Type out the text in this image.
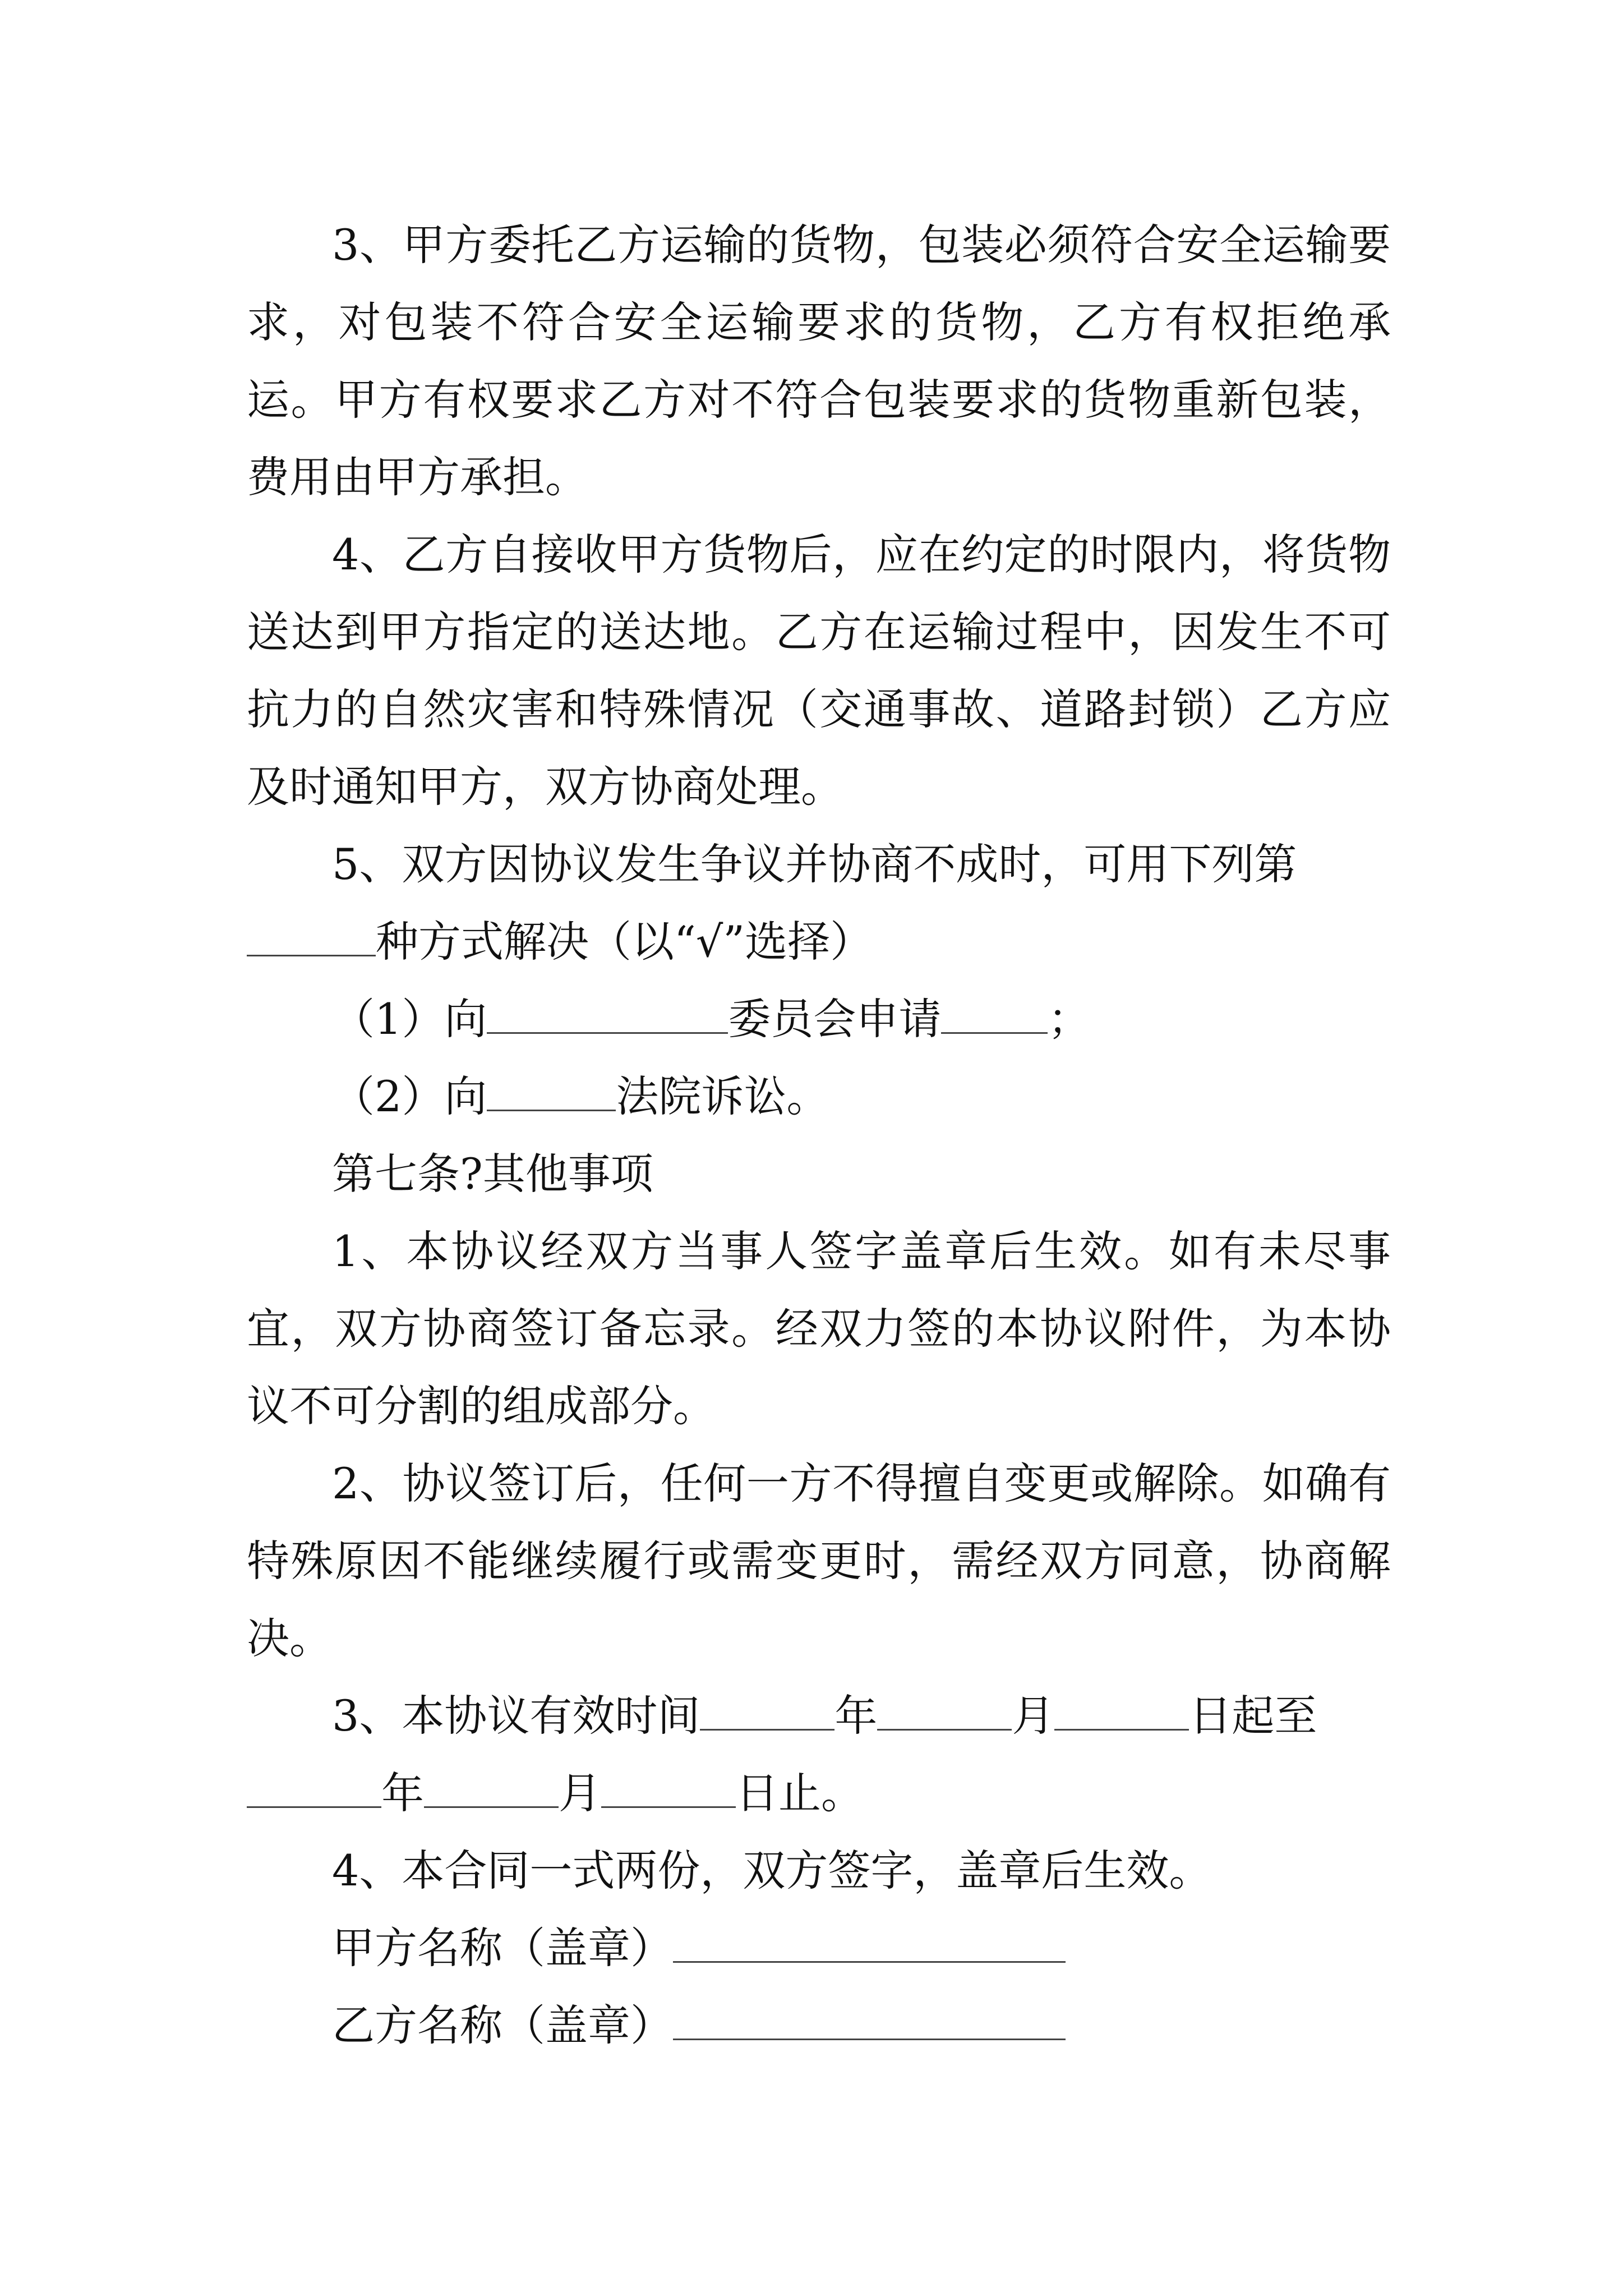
3、甲方委托乙方运输的货物，包装必须符合安全运输要求，对包装不符合安全运输要求的货物，乙方有权拒绝承运。甲方有权要求乙方对不符合包装要求的货物重新包装，费用由甲方承担。

4、乙方自接收甲方货物后，应在约定的时限内，将货物送达到甲方指定的送达地。乙方在运输过程中，因发生不可抗力的自然灾害和特殊情况（交通事故、道路封锁）乙方应及时通知甲方，双方协商处理。

5、双方因协议发生争议并协商不成时，可用下列第

种方式解决（以“√”选择）

（1）向	委员会申请	；

（2）向	法院诉讼。

第七条?其他事项

1、本协议经双方当事人签字盖章后生效。如有未尽事宜，双方协商签订备忘录。经双力签的本协议附件，为本协议不可分割的组成部分。

2、协议签订后，任何一方不得擅自变更或解除。如确有特殊原因不能继续履行或需变更时，需经双方同意，协商解决。

3、本协议有效时间	年	月	日起至

年	月	日止。

4、本合同一式两份，双方签字，盖章后生效。

甲方名称（盖章）

乙方名称（盖章）
